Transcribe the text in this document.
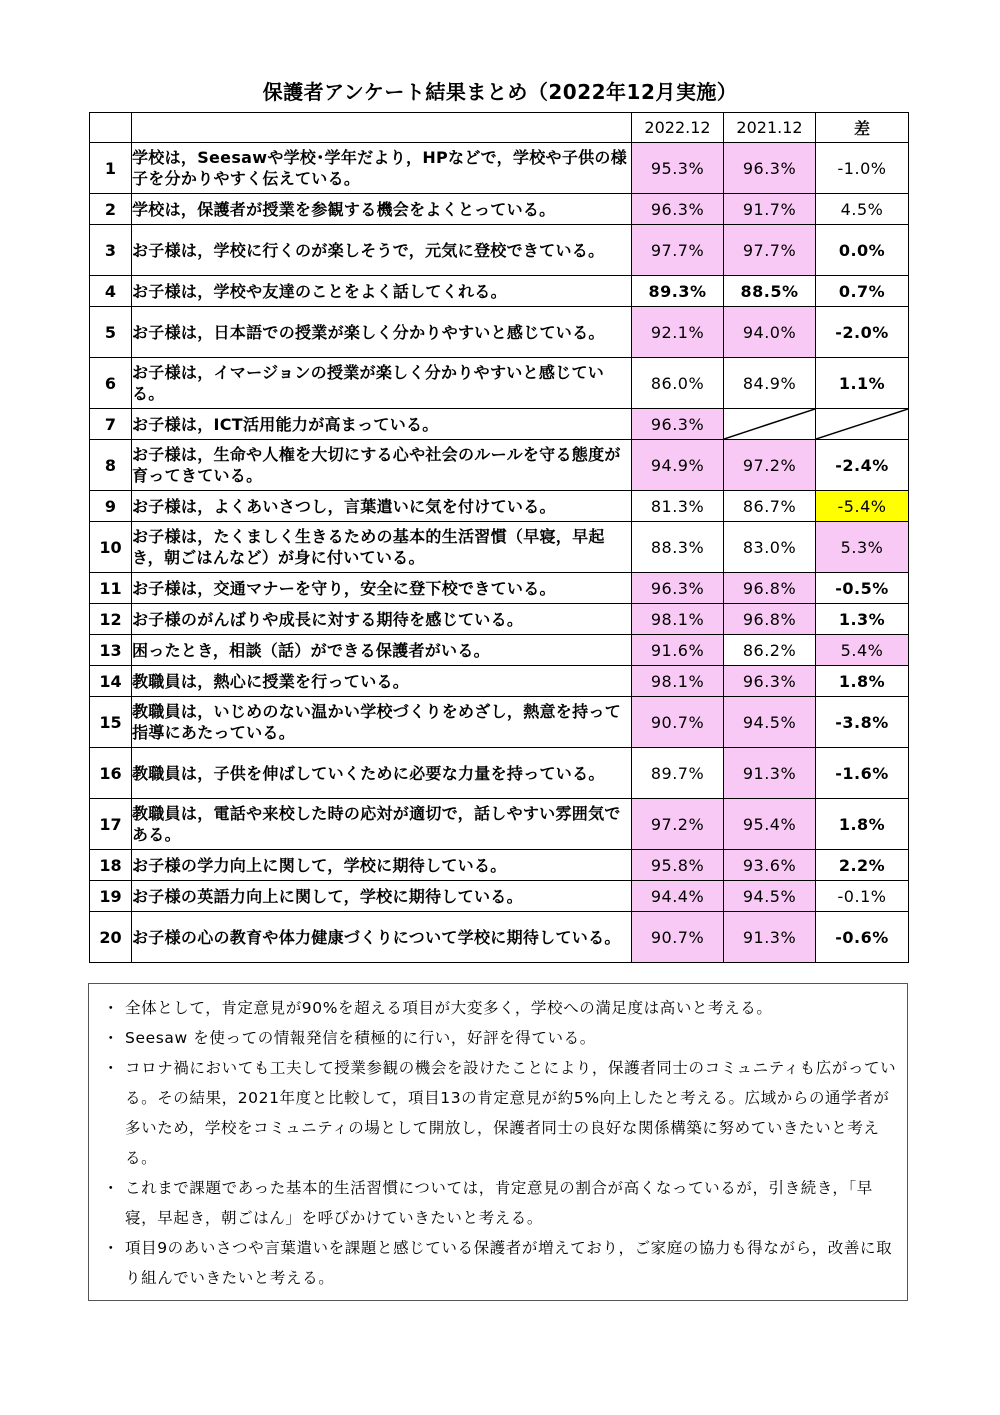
保護者アンケート結果まとめ（2022年12月実施）
		2022.12	2021.12	差
1	学校は，Seesawや学校･学年だより，HPなどで，学校や子供の様子を分かりやすく伝えている。	95.3%	96.3%	-1.0%
2	学校は，保護者が授業を参観する機会をよくとっている。	96.3%	91.7%	4.5%
3	お子様は，学校に行くのが楽しそうで，元気に登校できている。	97.7%	97.7%	0.0%
4	お子様は，学校や友達のことをよく話してくれる。	89.3%	88.5%	0.7%
5	お子様は，日本語での授業が楽しく分かりやすいと感じている。	92.1%	94.0%	-2.0%
6	お子様は，イマージョンの授業が楽しく分かりやすいと感じている。	86.0%	84.9%	1.1%
7	お子様は，ICT活用能力が高まっている。	96.3%	

8	お子様は，生命や人権を大切にする心や社会のルールを守る態度が育ってきている。	94.9%	97.2%	-2.4%
9	お子様は，よくあいさつし，言葉遣いに気を付けている。	81.3%	86.7%	-5.4%
10	お子様は，たくましく生きるための基本的生活習慣（早寝，早起き，朝ごはんなど）が身に付いている。	88.3%	83.0%	5.3%
11	お子様は，交通マナーを守り，安全に登下校できている。	96.3%	96.8%	-0.5%
12	お子様のがんばりや成長に対する期待を感じている。	98.1%	96.8%	1.3%
13	困ったとき，相談（話）ができる保護者がいる。	91.6%	86.2%	5.4%
14	教職員は，熱心に授業を行っている。	98.1%	96.3%	1.8%
15	教職員は，いじめのない温かい学校づくりをめざし，熱意を持って指導にあたっている。	90.7%	94.5%	-3.8%
16	教職員は，子供を伸ばしていくために必要な力量を持っている。	89.7%	91.3%	-1.6%
17	教職員は，電話や来校した時の応対が適切で，話しやすい雰囲気である。	97.2%	95.4%	1.8%
18	お子様の学力向上に関して，学校に期待している。	95.8%	93.6%	2.2%
19	お子様の英語力向上に関して，学校に期待している。	94.4%	94.5%	-0.1%
20	お子様の心の教育や体力健康づくりについて学校に期待している。	90.7%	91.3%	-0.6%
・ 全体として，肯定意見が90%を超える項目が大変多く，学校への満足度は高いと考える。
・ Seesaw を使っての情報発信を積極的に行い，好評を得ている。
・ コロナ禍においても工夫して授業参観の機会を設けたことにより，保護者同士のコミュニティも広がっている。その結果，2021年度と比較して，項目13の肯定意見が約5%向上したと考える。広域からの通学者が多いため，学校をコミュニティの場として開放し，保護者同士の良好な関係構築に努めていきたいと考える。
・ これまで課題であった基本的生活習慣については，肯定意見の割合が高くなっているが，引き続き，「早寝，早起き，朝ごはん」を呼びかけていきたいと考える。
・ 項目9のあいさつや言葉遣いを課題と感じている保護者が増えており，ご家庭の協力も得ながら，改善に取り組んでいきたいと考える。
